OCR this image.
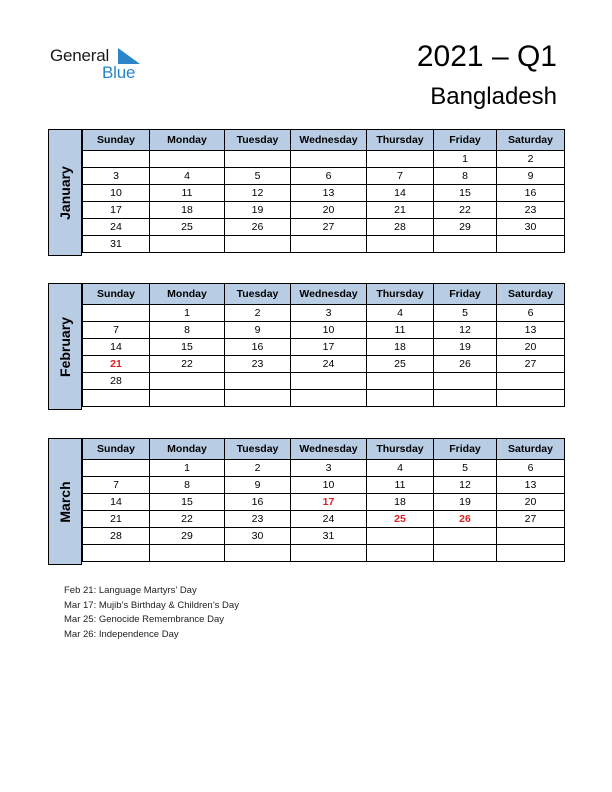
General
Blue	2021 – Q1
Bangladesh
January
Sunday	Monday	Tuesday	Wednesday	Thursday	Friday	Saturday
					1	2
3	4	5	6	7	8	9
10	11	12	13	14	15	16
17	18	19	20	21	22	23
24	25	26	27	28	29	30
31						
February
Sunday	Monday	Tuesday	Wednesday	Thursday	Friday	Saturday
	1	2	3	4	5	6
7	8	9	10	11	12	13
14	15	16	17	18	19	20
21	22	23	24	25	26	27
28						

March
Sunday	Monday	Tuesday	Wednesday	Thursday	Friday	Saturday
	1	2	3	4	5	6
7	8	9	10	11	12	13
14	15	16	17	18	19	20
21	22	23	24	25	26	27
28	29	30	31			

Feb 21: Language Martyrs’ Day
Mar 17: Mujib’s Birthday & Children’s Day
Mar 25: Genocide Remembrance Day
Mar 26: Independence Day
